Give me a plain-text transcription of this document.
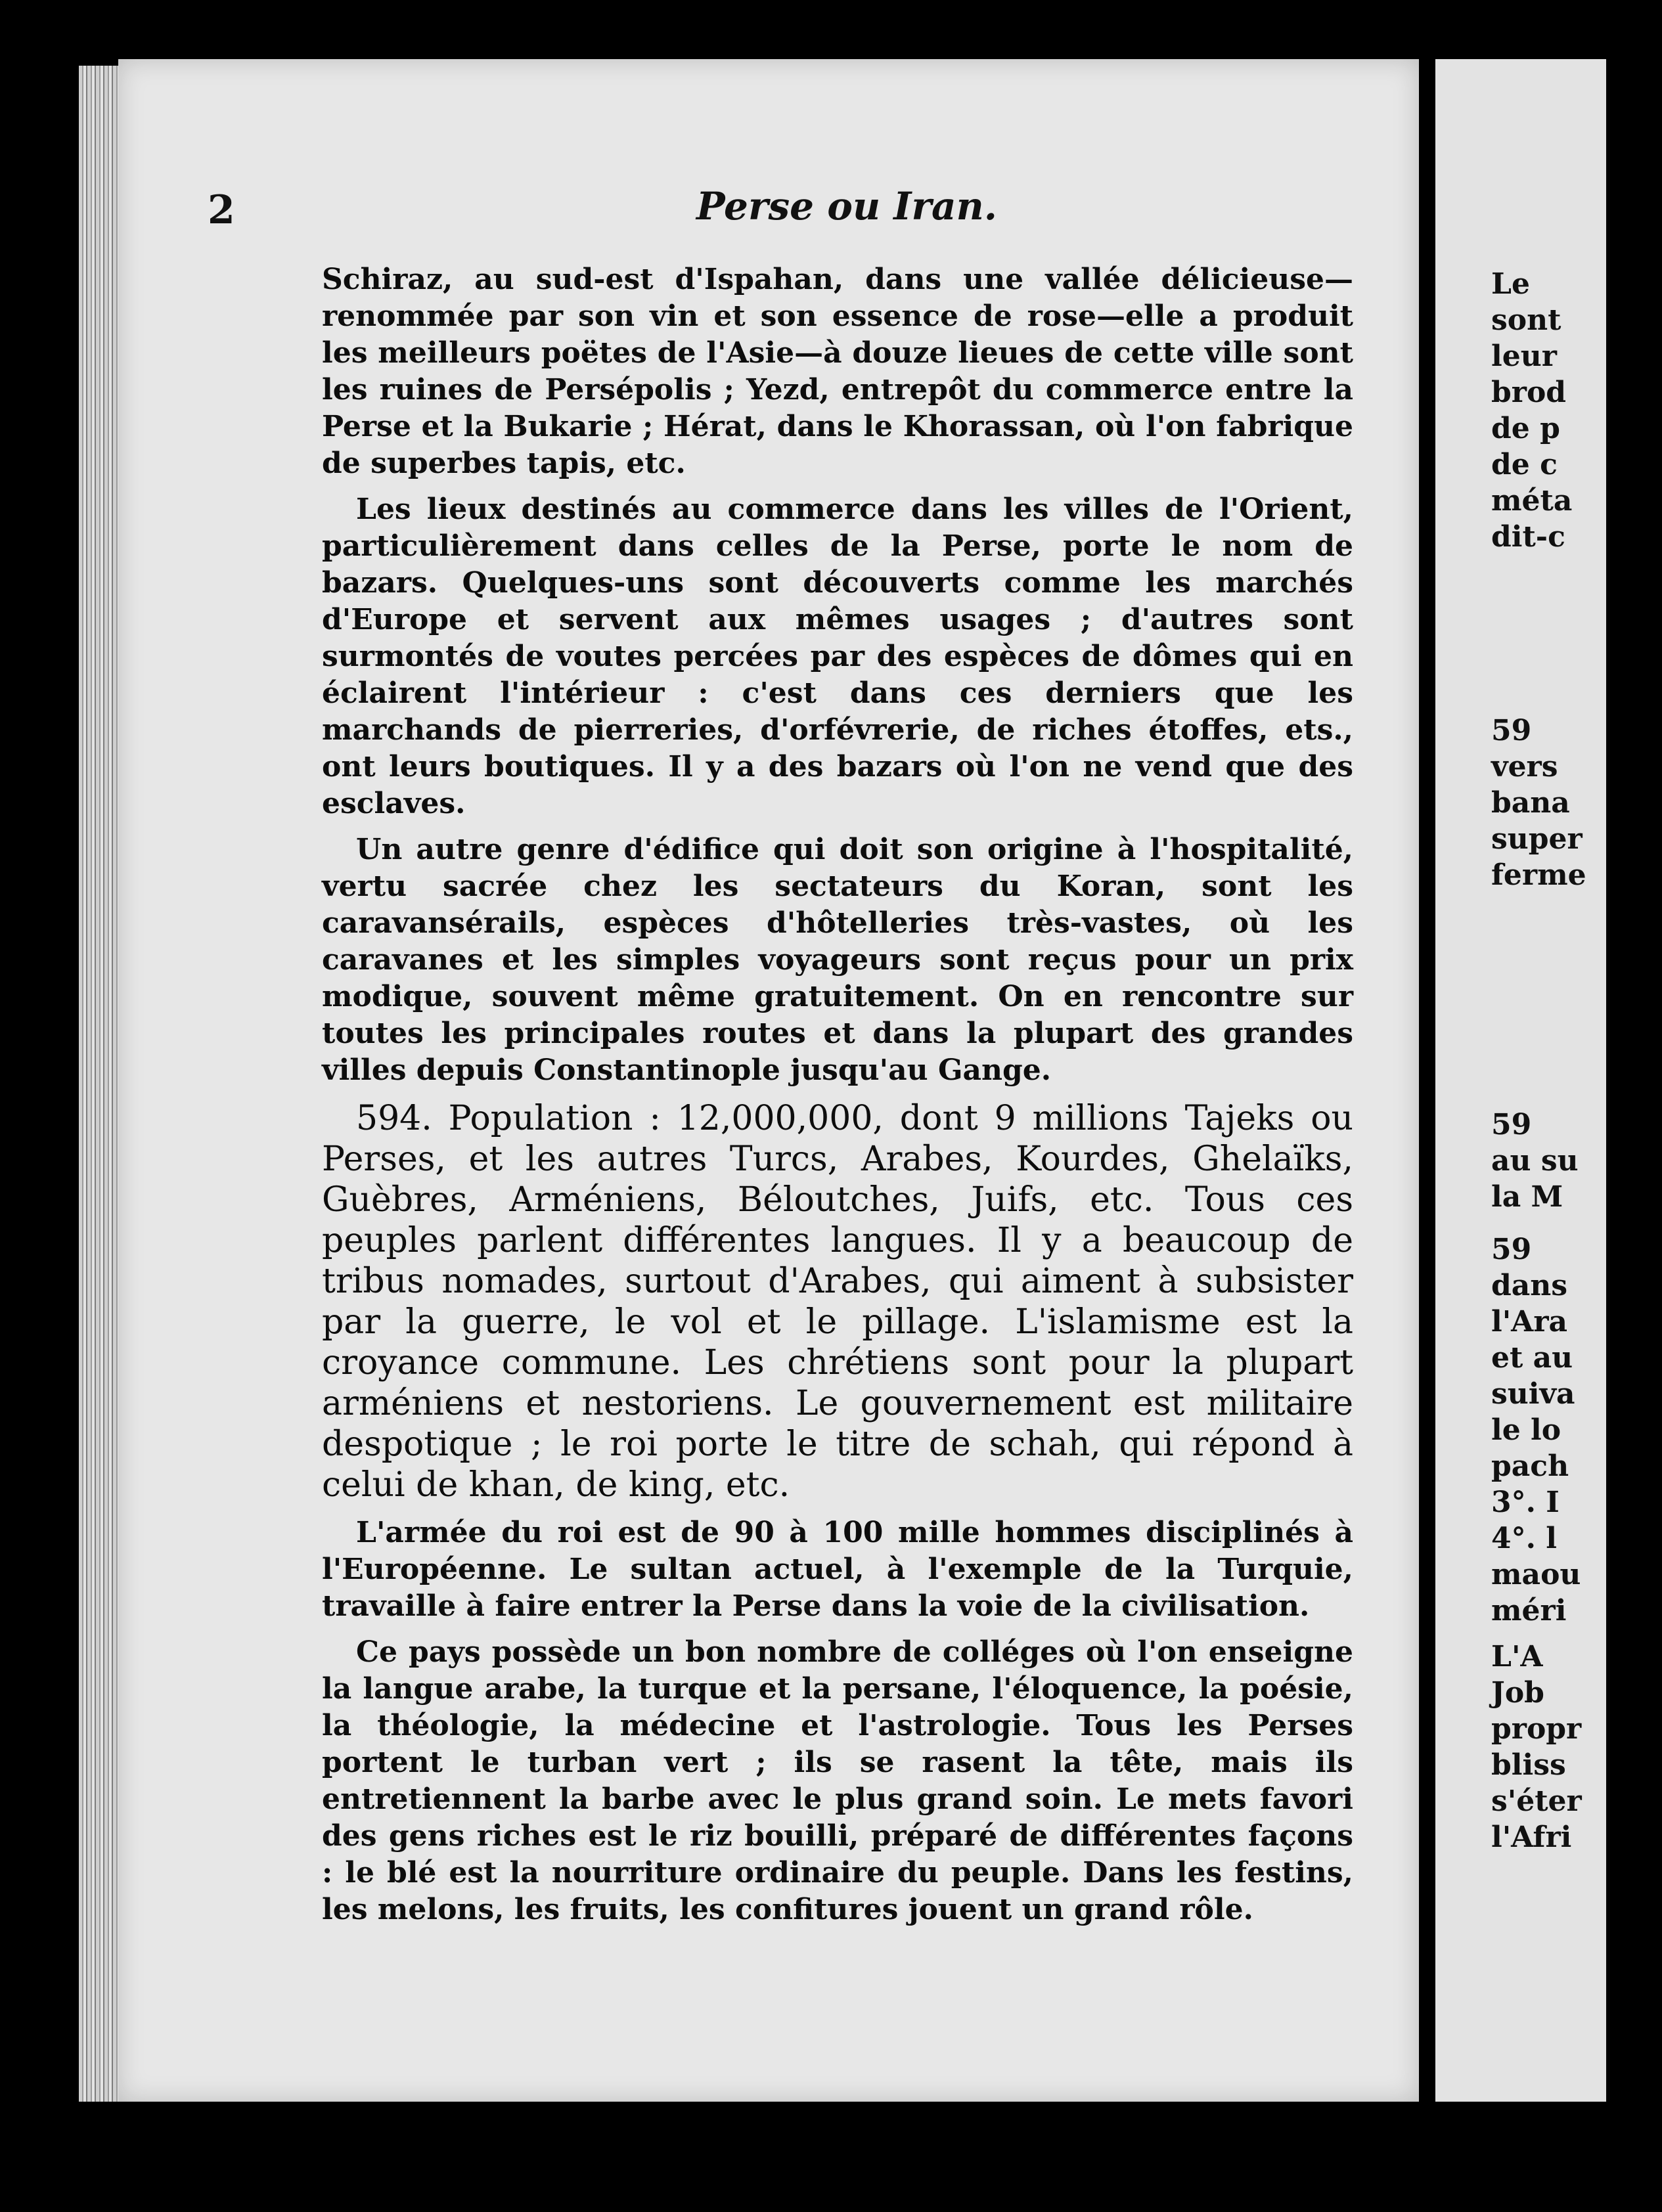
2	Perse ou Iran.

Schiraz, au sud-est d'Ispahan, dans une vallée délicieuse—renommée par son vin et son essence de rose—elle a produit les meilleurs poëtes de l'Asie—à douze lieues de cette ville sont les ruines de Persépolis ; Yezd, entrepôt du commerce entre la Perse et la Bukarie ; Hérat, dans le Khorassan, où l'on fabrique de superbes tapis, etc.

Les lieux destinés au commerce dans les villes de l'Orient, particulièrement dans celles de la Perse, porte le nom de bazars. Quelques-uns sont découverts comme les marchés d'Europe et servent aux mêmes usages ; d'autres sont surmontés de voutes percées par des espèces de dômes qui en éclairent l'intérieur : c'est dans ces derniers que les marchands de pierreries, d'orfévrerie, de riches étoffes, ets., ont leurs boutiques. Il y a des bazars où l'on ne vend que des esclaves.

Un autre genre d'édifice qui doit son origine à l'hospitalité, vertu sacrée chez les sectateurs du Koran, sont les caravansérails, espèces d'hôtelleries très-vastes, où les caravanes et les simples voyageurs sont reçus pour un prix modique, souvent même gratuitement. On en rencontre sur toutes les principales routes et dans la plupart des grandes villes depuis Constantinople jusqu'au Gange.

594. Population : 12,000,000, dont 9 millions Tajeks ou Perses, et les autres Turcs, Arabes, Kourdes, Ghelaïks, Guèbres, Arméniens, Béloutches, Juifs, etc. Tous ces peuples parlent différentes langues. Il y a beaucoup de tribus nomades, surtout d'Arabes, qui aiment à subsister par la guerre, le vol et le pillage. L'islamisme est la croyance commune. Les chrétiens sont pour la plupart arméniens et nestoriens. Le gouvernement est militaire despotique ; le roi porte le titre de schah, qui répond à celui de khan, de king, etc.

L'armée du roi est de 90 à 100 mille hommes disciplinés à l'Européenne. Le sultan actuel, à l'exemple de la Turquie, travaille à faire entrer la Perse dans la voie de la civilisation.

Ce pays possède un bon nombre de colléges où l'on enseigne la langue arabe, la turque et la persane, l'éloquence, la poésie, la théologie, la médecine et l'astrologie. Tous les Perses portent le turban vert ; ils se rasent la tête, mais ils entretiennent la barbe avec le plus grand soin. Le mets favori des gens riches est le riz bouilli, préparé de différentes façons : le blé est la nourriture ordinaire du peuple. Dans les festins, les melons, les fruits, les confitures jouent un grand rôle.

Le
sont
leur
brod
de p
de c
méta
dit-c
59
vers
bana
super
ferme
59
au su
la M
59
dans
l'Ara
et au
suiva
le lo
pach
3°. I
4°. l
maou
méri
L'A
Job
propr
bliss
s'éter
l'Afri
